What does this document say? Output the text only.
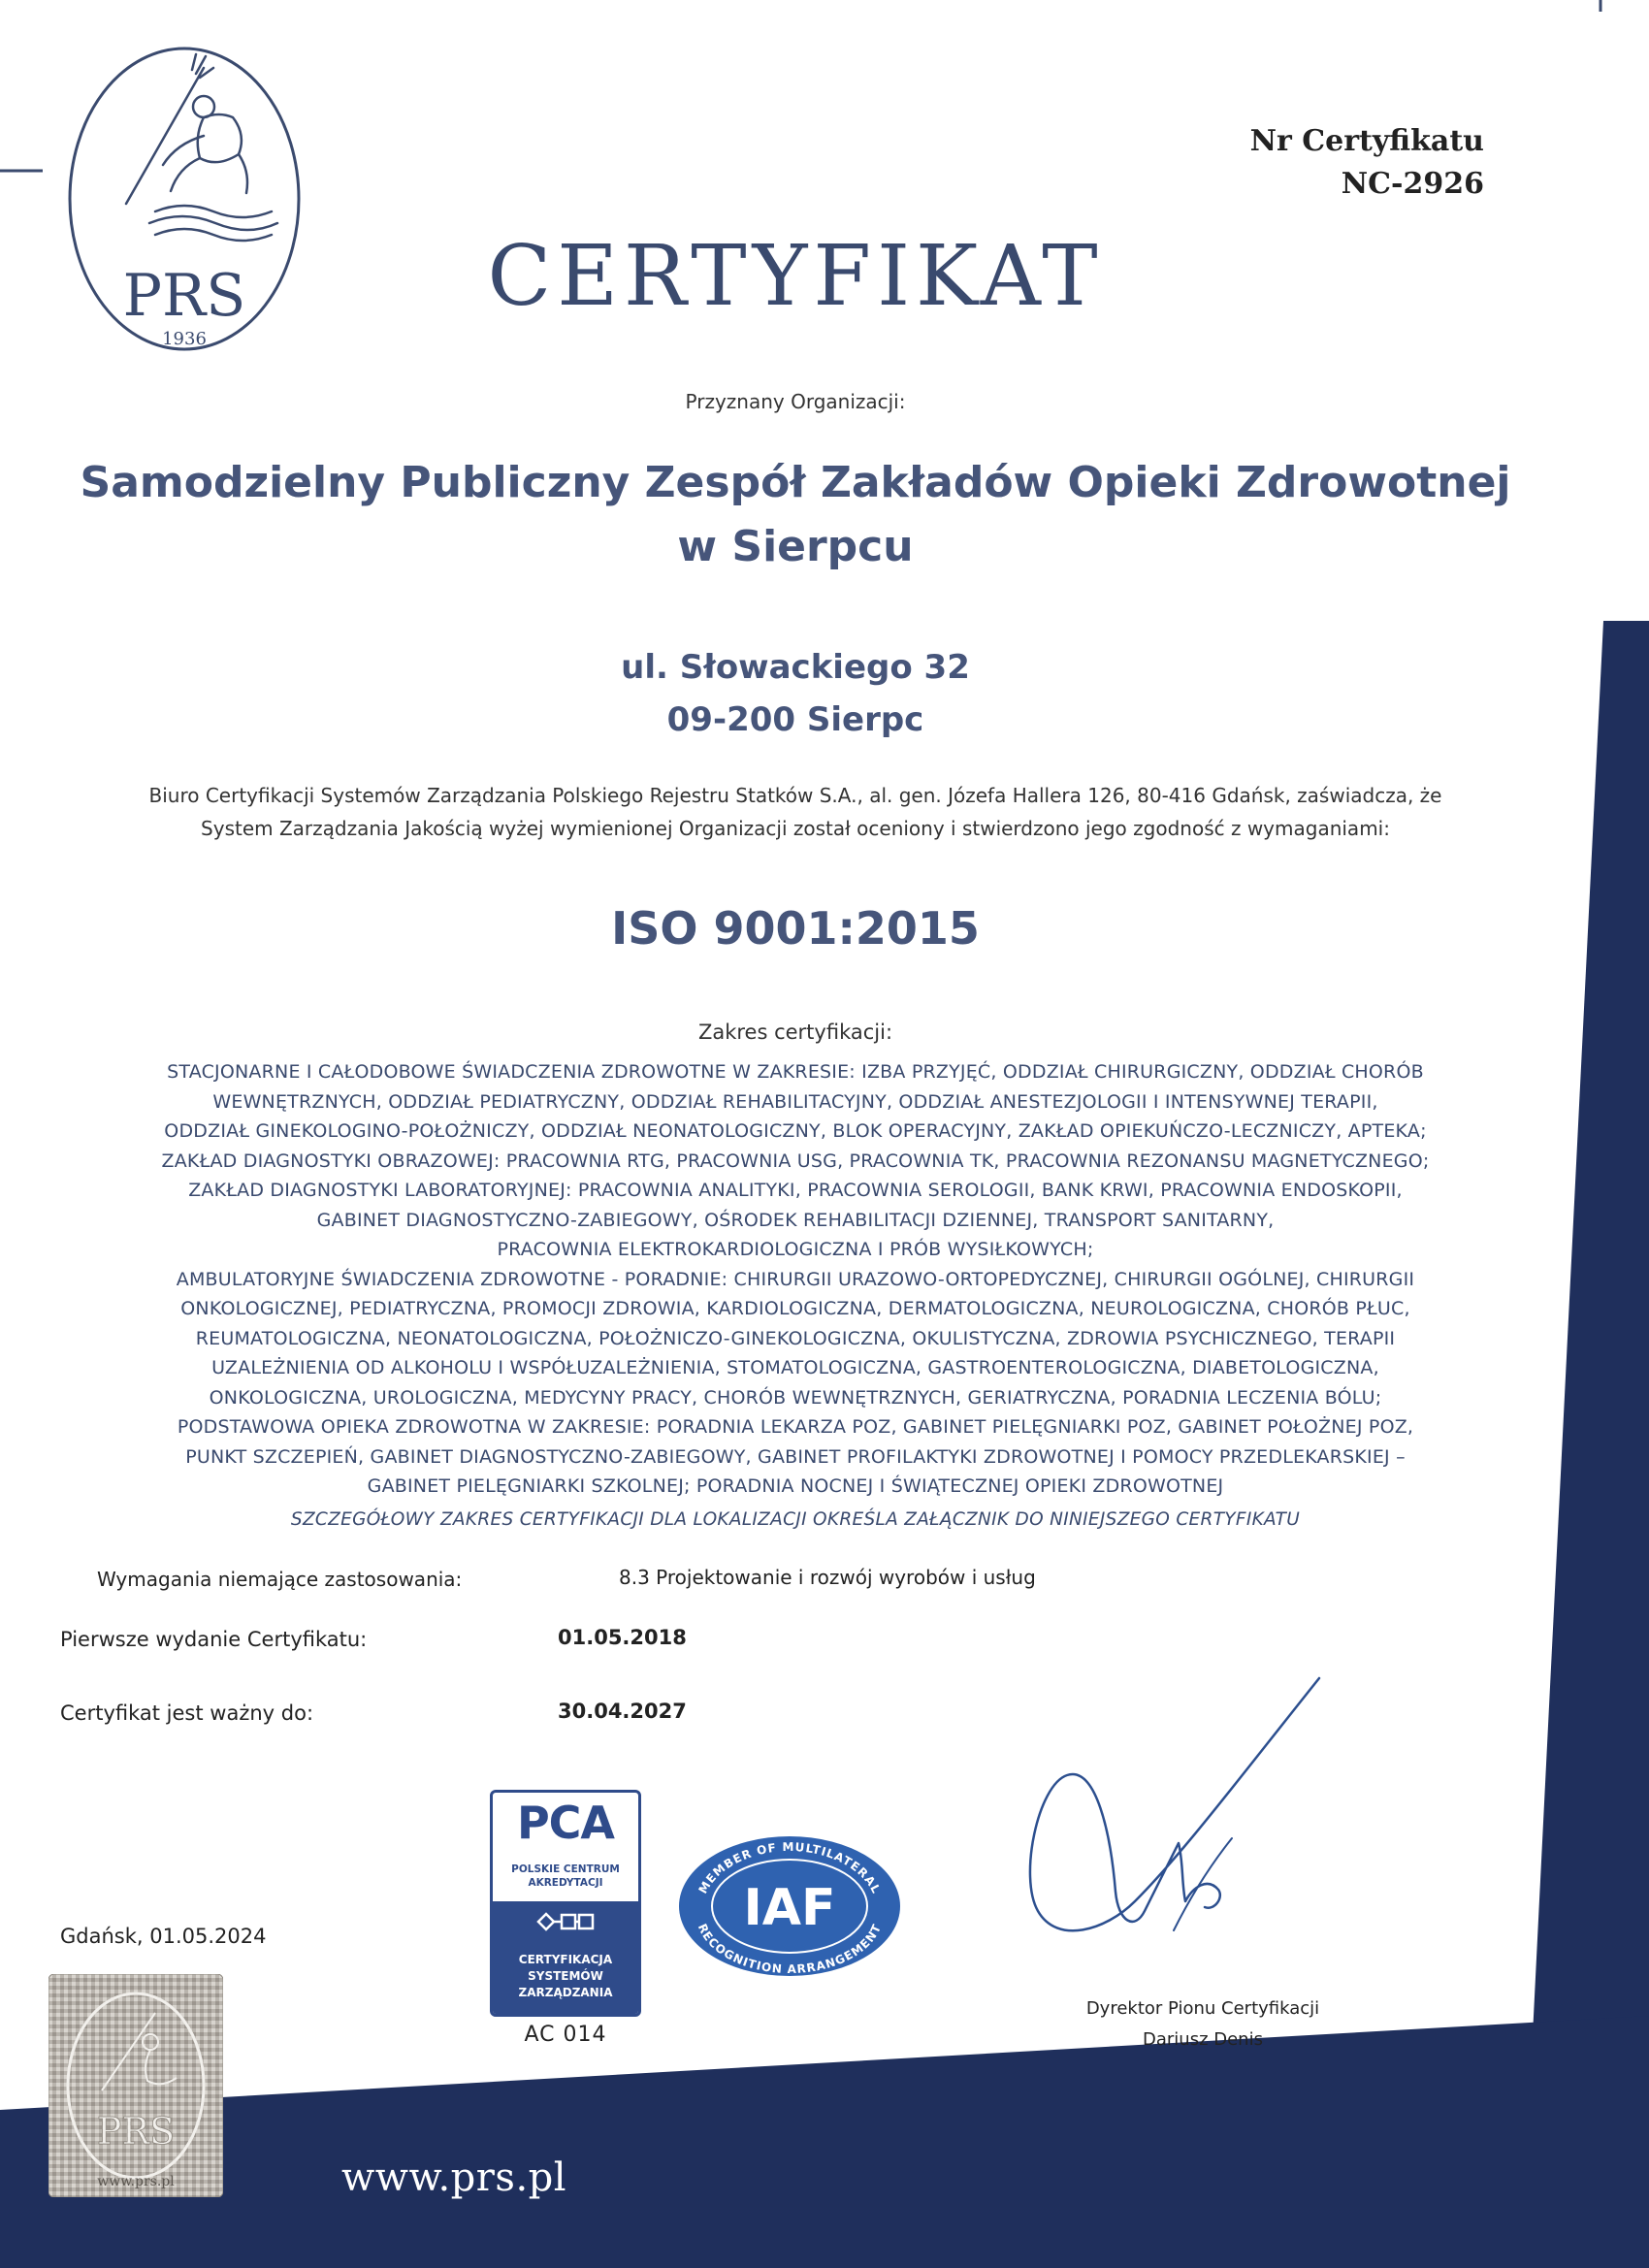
PRS
1936
Nr Certyfikatu
NC-2926
CERTYFIKAT
Przyznany Organizacji:
Samodzielny Publiczny Zespół Zakładów Opieki Zdrowotnej
w Sierpcu
ul. Słowackiego 32
09-200 Sierpc
Biuro Certyfikacji Systemów Zarządzania Polskiego Rejestru Statków S.A., al. gen. Józefa Hallera 126, 80-416 Gdańsk, zaświadcza, że
System Zarządzania Jakością wyżej wymienionej Organizacji został oceniony i stwierdzono jego zgodność z wymaganiami:
ISO 9001:2015
Zakres certyfikacji:
STACJONARNE I CAŁODOBOWE ŚWIADCZENIA ZDROWOTNE W ZAKRESIE: IZBA PRZYJĘĆ, ODDZIAŁ CHIRURGICZNY, ODDZIAŁ CHORÓB
WEWNĘTRZNYCH, ODDZIAŁ PEDIATRYCZNY, ODDZIAŁ REHABILITACYJNY, ODDZIAŁ ANESTEZJOLOGII I INTENSYWNEJ TERAPII,
ODDZIAŁ GINEKOLOGINO-POŁOŻNICZY, ODDZIAŁ NEONATOLOGICZNY, BLOK OPERACYJNY, ZAKŁAD OPIEKUŃCZO-LECZNICZY, APTEKA;
ZAKŁAD DIAGNOSTYKI OBRAZOWEJ: PRACOWNIA RTG, PRACOWNIA USG, PRACOWNIA TK, PRACOWNIA REZONANSU MAGNETYCZNEGO;
ZAKŁAD DIAGNOSTYKI LABORATORYJNEJ: PRACOWNIA ANALITYKI, PRACOWNIA SEROLOGII, BANK KRWI, PRACOWNIA ENDOSKOPII,
GABINET DIAGNOSTYCZNO-ZABIEGOWY, OŚRODEK REHABILITACJI DZIENNEJ, TRANSPORT SANITARNY,
PRACOWNIA ELEKTROKARDIOLOGICZNA I PRÓB WYSIŁKOWYCH;
AMBULATORYJNE ŚWIADCZENIA ZDROWOTNE - PORADNIE: CHIRURGII URAZOWO-ORTOPEDYCZNEJ, CHIRURGII OGÓLNEJ, CHIRURGII
ONKOLOGICZNEJ, PEDIATRYCZNA, PROMOCJI ZDROWIA, KARDIOLOGICZNA, DERMATOLOGICZNA, NEUROLOGICZNA, CHORÓB PŁUC,
REUMATOLOGICZNA, NEONATOLOGICZNA, POŁOŻNICZO-GINEKOLOGICZNA, OKULISTYCZNA, ZDROWIA PSYCHICZNEGO, TERAPII
UZALEŻNIENIA OD ALKOHOLU I WSPÓŁUZALEŻNIENIA, STOMATOLOGICZNA, GASTROENTEROLOGICZNA, DIABETOLOGICZNA,
ONKOLOGICZNA, UROLOGICZNA, MEDYCYNY PRACY, CHORÓB WEWNĘTRZNYCH, GERIATRYCZNA, PORADNIA LECZENIA BÓLU;
PODSTAWOWA OPIEKA ZDROWOTNA W ZAKRESIE: PORADNIA LEKARZA POZ, GABINET PIELĘGNIARKI POZ, GABINET POŁOŻNEJ POZ,
PUNKT SZCZEPIEŃ, GABINET DIAGNOSTYCZNO-ZABIEGOWY, GABINET PROFILAKTYKI ZDROWOTNEJ I POMOCY PRZEDLEKARSKIEJ –
GABINET PIELĘGNIARKI SZKOLNEJ; PORADNIA NOCNEJ I ŚWIĄTECZNEJ OPIEKI ZDROWOTNEJ
SZCZEGÓŁOWY ZAKRES CERTYFIKACJI DLA LOKALIZACJI OKREŚLA ZAŁĄCZNIK DO NINIEJSZEGO CERTYFIKATU
Wymagania niemające zastosowania:	8.3 Projektowanie i rozwój wyrobów i usług
Pierwsze wydanie Certyfikatu:	01.05.2018
Certyfikat jest ważny do:	30.04.2027
Gdańsk, 01.05.2024
PCA
POLSKIE CENTRUM
AKREDYTACJI
CERTYFIKACJA
SYSTEMÓW
ZARZĄDZANIA
AC 014
MEMBER OF MULTILATERAL
RECOGNITION ARRANGEMENT
IAF
Dyrektor Pionu Certyfikacji
Dariusz Denis
PRS
www.prs.pl	www.prs.pl
